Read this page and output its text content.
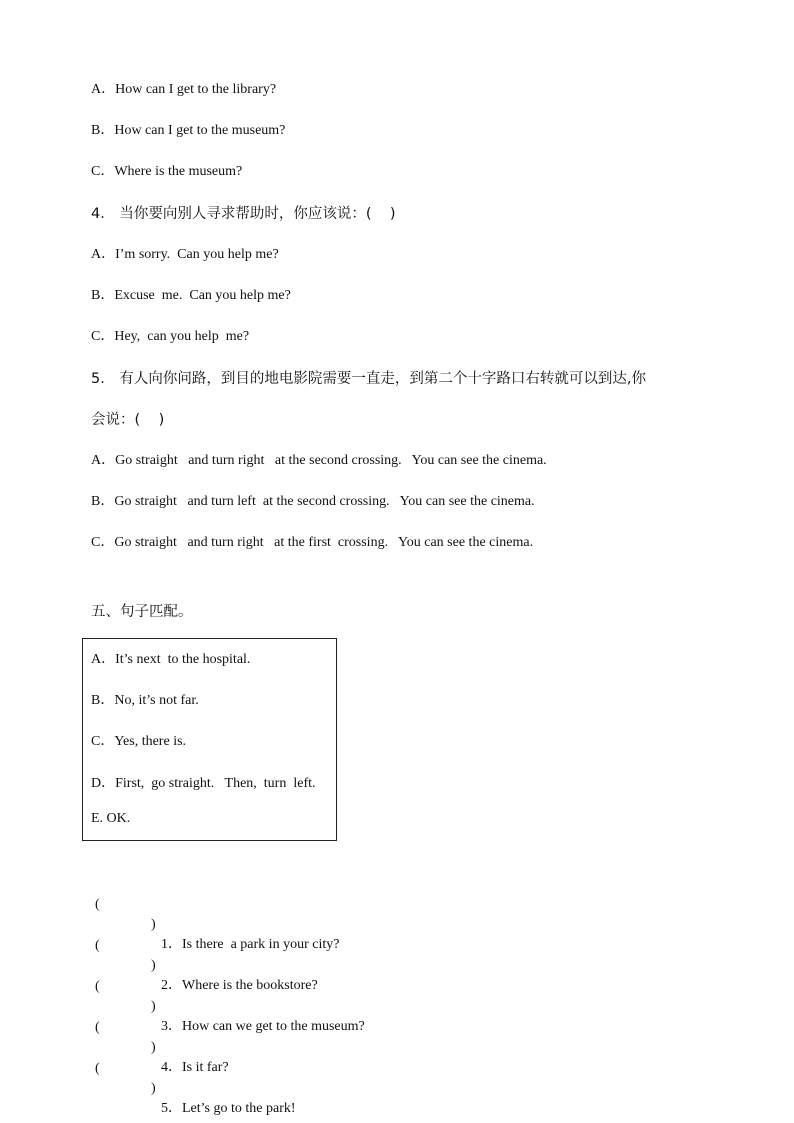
A．How can I get to the library?
B．How can I get to the museum?
C．Where is the museum?
4． 当你要向别人寻求帮助时，你应该说：(    )
A．I’m sorry.  Can you help me?
B．Excuse  me.  Can you help me?
C．Hey,  can you help  me?
5． 有人向你问路，到目的地电影院需要一直走，到第二个十字路口右转就可以到达,你
会说：(    )
A．Go straight   and turn right   at the second crossing.   You can see the cinema.
B．Go straight   and turn left  at the second crossing.   You can see the cinema.
C．Go straight   and turn right   at the first  crossing.   You can see the cinema.
五、句子匹配。
A．It’s next  to the hospital.
B．No, it’s not far.
C．Yes, there is.
D．First,  go straight.   Then,  turn  left.
E. OK.

(

)

1．Is there  a park in your city?

(

)

2．Where is the bookstore?

(

)

3．How can we get to the museum?

(

)

4．Is it far?

(

)

5．Let’s go to the park!
